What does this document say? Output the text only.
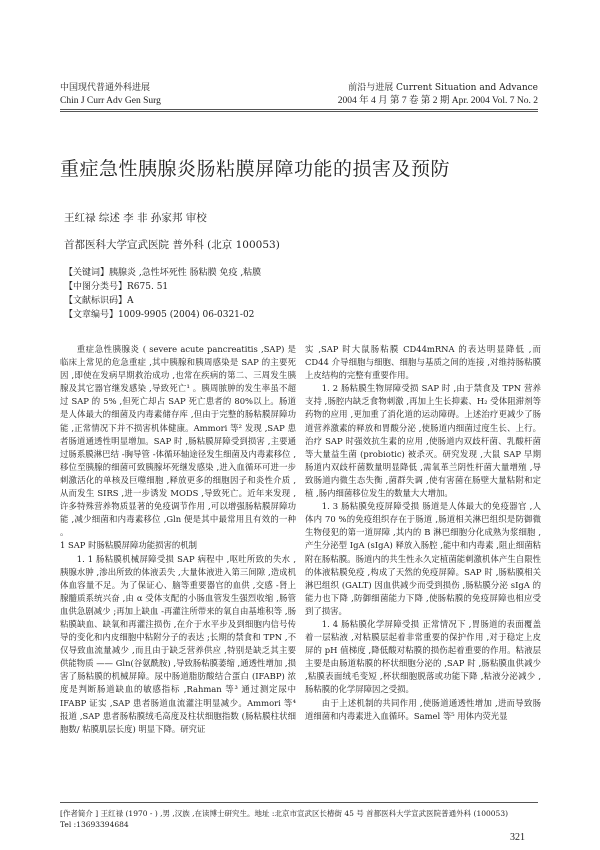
中国现代普通外科进展
Chin J Curr Adv Gen Surg
前沿与进展 Current Situation and Advance
2004 年 4 月 第 7 卷 第 2 期 Apr. 2004 Vol. 7 No. 2
重症急性胰腺炎肠粘膜屏障功能的损害及预防
王红禄 综述 李 非 孙家邦 审校
首都医科大学宣武医院 普外科 (北京 100053)
【关键词】胰腺炎 ,急性坏死性 肠粘膜 免疫 ,粘膜
【中图分类号】R675. 51
【文献标识码】A
【文章编号】1009-9905 (2004) 06-0321-02

重症急性胰腺炎 ( severe acute pancreatitis ,SAP) 是临床上常见的危急重症 ,其中胰腺和胰周感染是 SAP 的主要死因 ,即使在发病早期救治成功 ,也常在疾病的第二、三周发生胰腺及其它器官继发感染 ,导致死亡¹ 。胰周脓肿的发生率虽不超过 SAP 的 5% ,但死亡却占 SAP 死亡患者的 80%以上。肠道是人体最大的细菌及内毒素储存库 ,但由于完整的肠粘膜屏障功能 ,正常情况下并不损害机体健康。Ammori 等² 发现 ,SAP 患者肠道通透性明显增加。SAP 时 ,肠粘膜屏障受到损害 ,主要通过肠系膜淋巴结 -胸导管 -体循环轴途径发生细菌及内毒素移位 ,移位至胰腺的细菌可致胰腺坏死继发感染 ,进入血循环可进一步刺激活化的单核及巨噬细胞 ,释放更多的细胞因子和炎性介质 ,从而发生 SIRS ,进一步诱发 MODS ,导致死亡。近年来发现 ,许多特殊营养物质显著的免疫调节作用 ,可以增强肠粘膜屏障功能 ,减少细菌和内毒素移位 ,Gln 便是其中最常用且有效的一种 。

1 SAP 时肠粘膜屏障功能损害的机制

1. 1 肠粘膜机械屏障受损 SAP 病程中 ,呕吐所致的失水 ,胰腺水肿 ,渗出所致的体液丢失 ,大量体液进入第三间隙 ,造成机体血容量不足。为了保证心、脑等重要器官的血供 ,交感 -肾上腺髓质系统兴奋 ,由 α 受体支配的小肠血管发生强烈收缩 ,肠管血供急剧减少 ;再加上缺血 -再灌注所带来的氧自由基堆积等 ,肠粘膜缺血、缺氧和再灌注损伤 ,在介于水平步及到细胞内信号传导的变化和内皮细胞中粘附分子的表达 ;长期的禁食和 TPN ,不仅导致血流量减少 ,而且由于缺乏营养供应 ,特别是缺乏其主要供能物质 —— Gln(谷氨酰胺) ,导致肠粘膜萎缩 ,通透性增加 ,损害了肠粘膜的机械屏障。尿中肠道脂肪酸结合蛋白 (IFABP) 浓度是判断肠道缺血的敏感指标 ,Rahman 等³ 通过测定尿中 IFABP 证实 ,SAP 患者肠道血流灌注明显减少。Ammori 等⁴ 报道 ,SAP 患者肠粘膜绒毛高度及柱状细胞指数 (肠粘膜柱状细胞数/ 粘膜肌层长度) 明显下降。研究证

实 ,SAP 时大鼠肠粘膜 CD44mRNA 的表达明显降低 ,而 CD44 介导细胞与细胞、细胞与基质之间的连接 ,对维持肠粘膜上皮结构的完整有重要作用。

1. 2 肠粘膜生物屏障受损 SAP 时 ,由于禁食及 TPN 营养支持 ,肠腔内缺乏食物刺激 ,再加上生长抑素、H₂ 受体阻滞剂等药物的应用 ,更加重了消化道的运动障碍。上述治疗更减少了肠道营养激素的释放和胃酸分泌 ,使肠道内细菌过度生长、上行。治疗 SAP 时强效抗生素的应用 ,使肠道内双歧杆菌、乳酸杆菌等大量益生菌 (probiotic) 被杀灭。研究发现 ,大鼠 SAP 早期肠道内双歧杆菌数量明显降低 ,需氧革兰阴性杆菌大量增殖 ,导致肠道内微生态失衡 ,菌群失调 ,使有害菌在肠壁大量粘附和定植 ,肠内细菌移位发生的数量大大增加。

1. 3 肠粘膜免疫屏障受损 肠道是人体最大的免疫器官 ,人体内 70 %的免疫组织存在于肠道 ,肠道相关淋巴组织是防御微生物侵犯的第一道屏障 ,其内的 B 淋巴细胞分化成熟为浆细胞 ,产生分泌型 IgA (sIgA) 释放入肠腔 ,能中和内毒素 ,阻止细菌粘附在肠粘膜。肠道内的共生性永久定植菌能刺激机体产生自限性的体液粘膜免疫 ,构成了天然的免疫屏障。SAP 时 ,肠粘膜相关淋巴组织 (GALT) 因血供减少而受到损伤 ,肠粘膜分泌 sIgA 的能力也下降 ,防御细菌能力下降 ,使肠粘膜的免疫屏障也相应受到了损害。

1. 4 肠粘膜化学屏障受损 正常情况下 ,胃肠道的表面覆盖着一层粘液 ,对粘膜层起着非常重要的保护作用 ,对于稳定上皮屏的 pH 值梯度 ,降低酸对粘膜的损伤起着重要的作用。粘液层主要是由肠道粘膜的杯状细胞分泌的 ,SAP 时 ,肠粘膜血供减少 ,粘膜表面绒毛变短 ,杯状细胞脱落或功能下降 ,粘液分泌减少 ,肠粘膜的化学屏障因之受损。

由于上述机制的共同作用 ,使肠道通透性增加 ,进而导致肠道细菌和内毒素进入血循环。Samel 等⁵ 用体内荧光显

[作者简介 ] 王红禄 (1970 - ) ,男 ,汉族 ,在读博士研究生。地址 :北京市宣武区长椿街 45 号 首都医科大学宣武医院普通外科 (100053)
Tel :13693394684
321
